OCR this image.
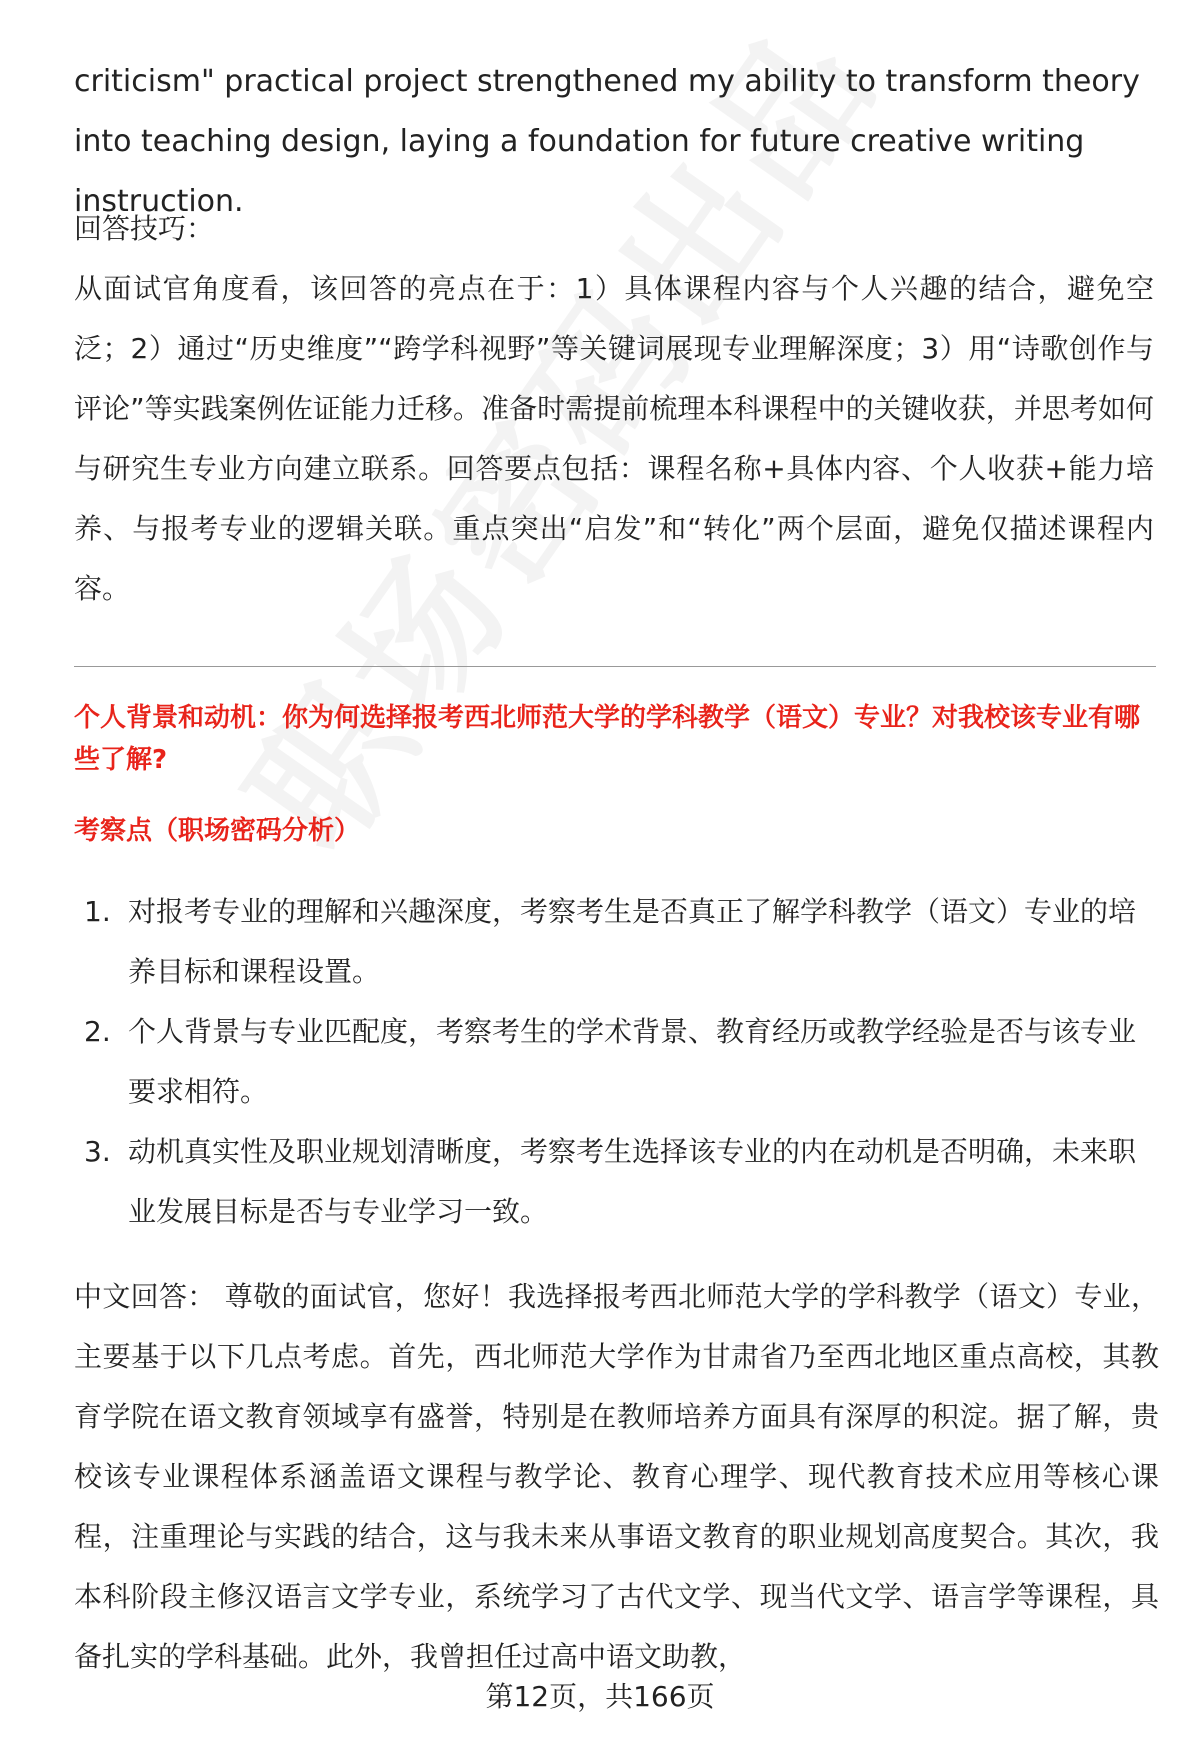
criticism" practical project strengthened my ability to transform theory into teaching design, laying a foundation for future creative writing instruction.

回答技巧：

从面试官角度看，该回答的亮点在于：1）具体课程内容与个人兴趣的结合，避免空泛；2）通过“历史维度”“跨学科视野”等关键词展现专业理解深度；3）用“诗歌创作与评论”等实践案例佐证能力迁移。准备时需提前梳理本科课程中的关键收获，并思考如何与研究生专业方向建立联系。回答要点包括：课程名称+具体内容、个人收获+能力培养、与报考专业的逻辑关联。重点突出“启发”和“转化”两个层面，避免仅描述课程内容。

个人背景和动机：你为何选择报考西北师范大学的学科教学（语文）专业？对我校该专业有哪些了解?

考察点（职场密码分析）

1. 对报考专业的理解和兴趣深度，考察考生是否真正了解学科教学（语文）专业的培养目标和课程设置。
2. 个人背景与专业匹配度，考察考生的学术背景、教育经历或教学经验是否与该专业要求相符。
3. 动机真实性及职业规划清晰度，考察考生选择该专业的内在动机是否明确，未来职业发展目标是否与专业学习一致。

中文回答： 尊敬的面试官，您好！我选择报考西北师范大学的学科教学（语文）专业，主要基于以下几点考虑。首先，西北师范大学作为甘肃省乃至西北地区重点高校，其教育学院在语文教育领域享有盛誉，特别是在教师培养方面具有深厚的积淀。据了解，贵校该专业课程体系涵盖语文课程与教学论、教育心理学、现代教育技术应用等核心课程，注重理论与实践的结合，这与我未来从事语文教育的职业规划高度契合。其次，我本科阶段主修汉语言文学专业，系统学习了古代文学、现当代文学、语言学等课程，具备扎实的学科基础。此外，我曾担任过高中语文助教，

第12页，共166页
